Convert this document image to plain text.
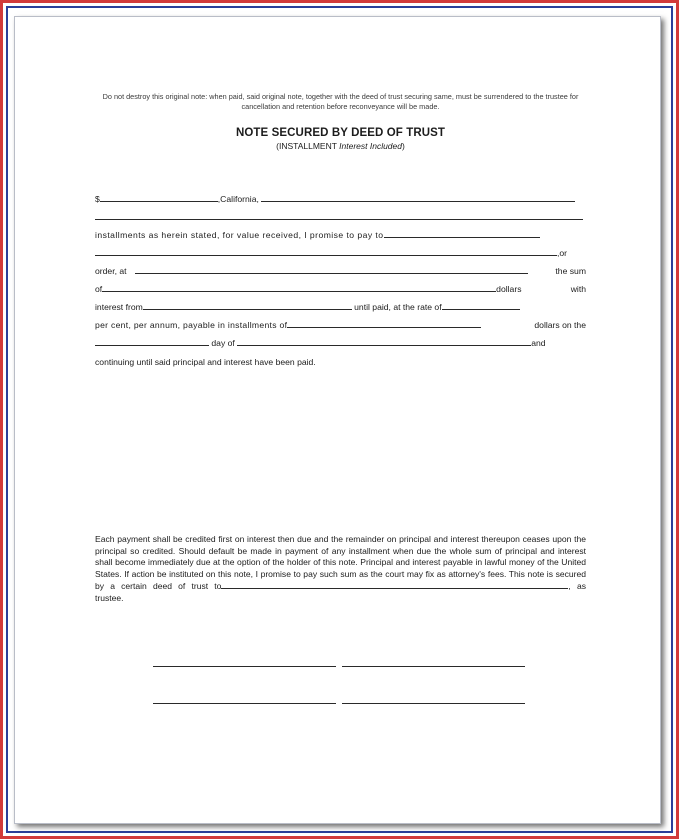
Do not destroy this original note: when paid, said original note, together with the deed of trust securing same, must be surrendered to the trustee for cancellation and retention before reconveyance will be made.

NOTE SECURED BY DEED OF TRUST
(INSTALLMENT Interest Included)
$	,California,
installments as herein stated, for value received, I promise to pay to
,or
order, at	the sum
of	dollars	with
interest from	until paid, at the rate of
per cent, per annum, payable in installments of	dollars on the
day of	and
continuing until said principal and interest have been paid.
Each payment shall be credited first on interest then due and the remainder on principal and interest thereupon ceases upon the principal so credited. Should default be made in payment of any installment when due the whole sum of principal and interest shall become immediately due at the option of the holder of this note. Principal and interest payable in lawful money of the United States. If action be instituted on this note, I promise to pay such sum as the court may fix as attorney's fees. This note is secured by a certain deed of trust to	, as trustee.
